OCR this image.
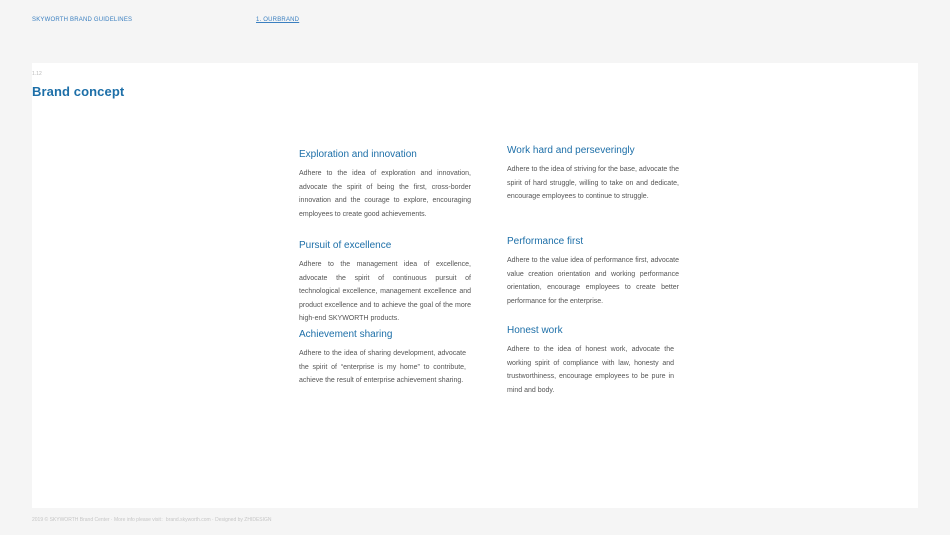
SKYWORTH BRAND GUIDELINES	1. OURBRAND
1.12
Brand concept
Exploration and innovation

Adhere to the idea of exploration and innovation, advocate the spirit of being the first, cross-border innovation and the courage to explore, encouraging employees to create good achievements.

Work hard and perseveringly

Adhere to the idea of striving for the base, advocate the spirit of hard struggle, willing to take on and dedicate, encourage employees to continue to struggle.

Pursuit of excellence

Adhere to the management idea of excellence, advocate the spirit of continuous pursuit of technological excellence, management excellence and product excellence and to achieve the goal of the more high-end SKYWORTH products.

Performance first

Adhere to the value idea of performance first, advocate value creation orientation and working performance orientation, encourage employees to create better performance for the enterprise.

Achievement sharing

Adhere to the idea of sharing development, advocate the spirit of “enterprise is my home” to contribute, achieve the result of enterprise achievement sharing.

Honest work

Adhere to the idea of honest work, advocate the working spirit of compliance with law, honesty and trustworthiness, encourage employees to be pure in mind and body.

2019 © SKYWORTH Brand Center · More info please visit：brand.skyworth.com · Designed by ZHIDESIGN
